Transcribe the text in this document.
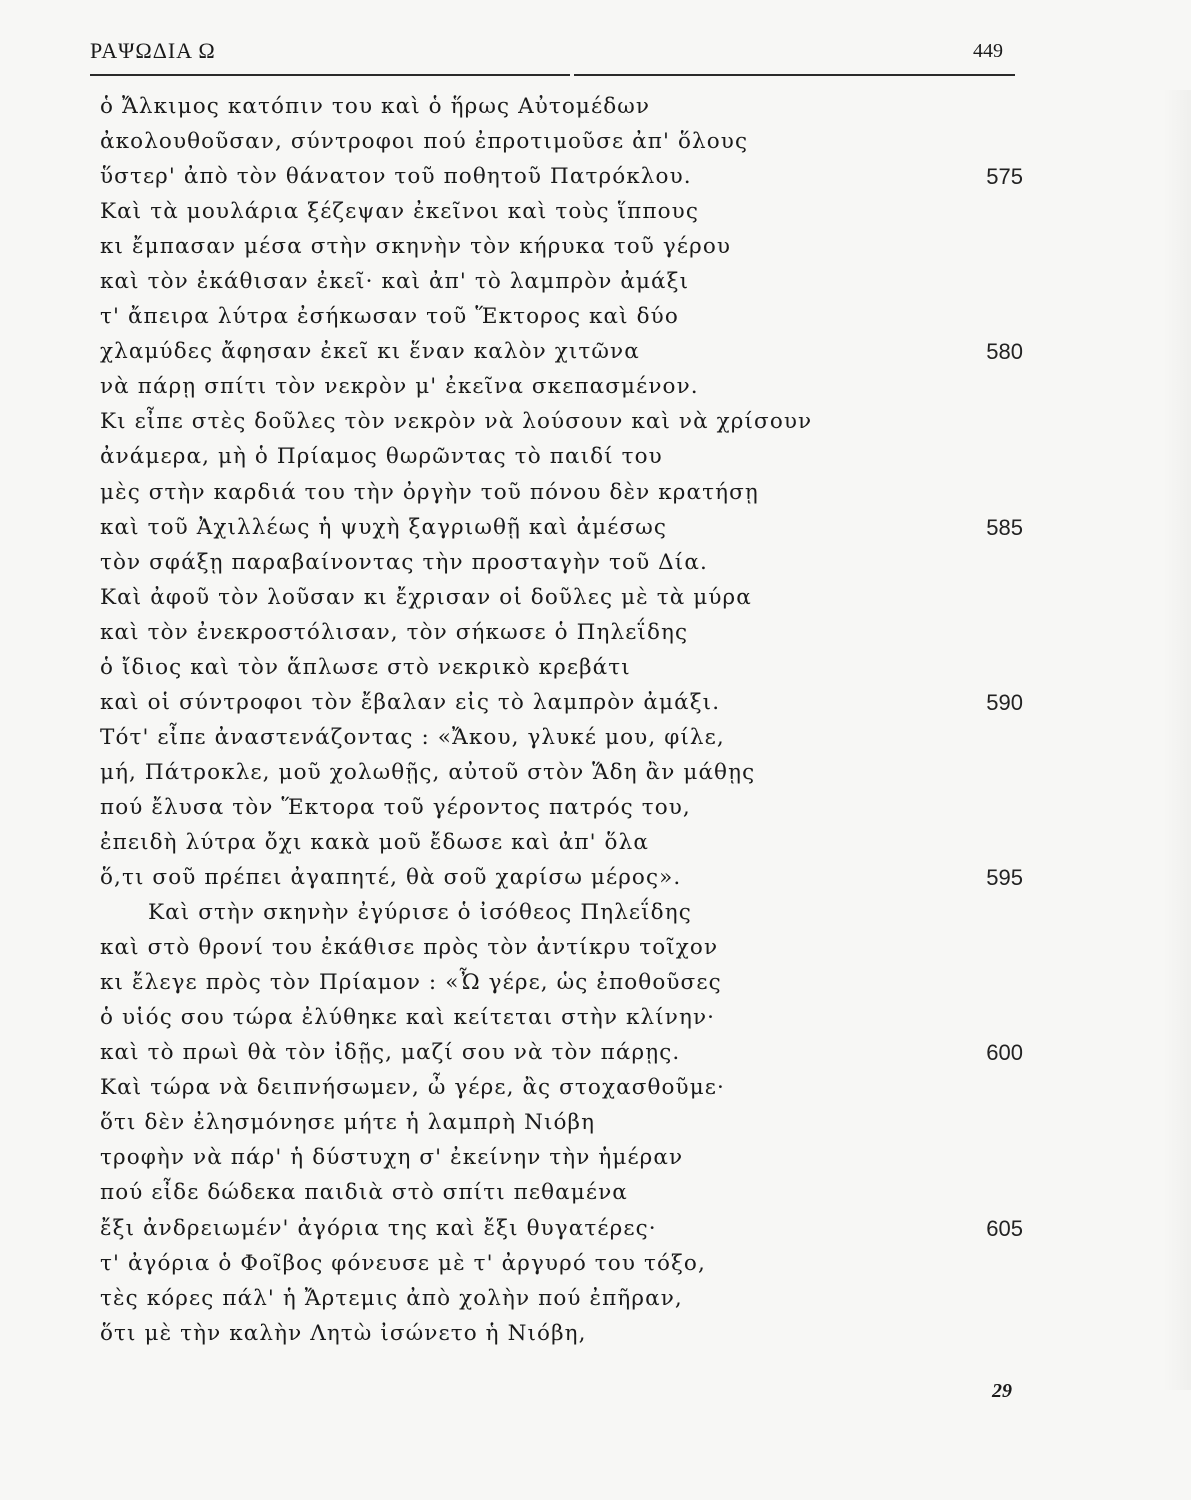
ΡΑΨΩΔΙΑ Ω	449
ὁ Ἄλκιμος κατόπιν του καὶ ὁ ἥρως Αὐτομέδων
ἀκολουθοῦσαν, σύντροφοι πού ἐπροτιμοῦσε ἀπ' ὅλους
ὕστερ' ἀπὸ τὸν θάνατον τοῦ ποθητοῦ Πατρόκλου.	575
Καὶ τὰ μουλάρια ξέζεψαν ἐκεῖνοι καὶ τοὺς ἵππους
κι ἔμπασαν μέσα στὴν σκηνὴν τὸν κήρυκα τοῦ γέρου
καὶ τὸν ἐκάθισαν ἐκεῖ· καὶ ἀπ' τὸ λαμπρὸν ἀμάξι
τ' ἄπειρα λύτρα ἐσήκωσαν τοῦ Ἕκτορος καὶ δύο
χλαμύδες ἄφησαν ἐκεῖ κι ἕναν καλὸν χιτῶνα	580
νὰ πάρῃ σπίτι τὸν νεκρὸν μ' ἐκεῖνα σκεπασμένον.
Κι εἶπε στὲς δοῦλες τὸν νεκρὸν νὰ λούσουν καὶ νὰ χρίσουν
ἀνάμερα, μὴ ὁ Πρίαμος θωρῶντας τὸ παιδί του
μὲς στὴν καρδιά του τὴν ὀργὴν τοῦ πόνου δὲν κρατήσῃ
καὶ τοῦ Ἀχιλλέως ἡ ψυχὴ ξαγριωθῇ καὶ ἀμέσως	585
τὸν σφάξῃ παραβαίνοντας τὴν προσταγὴν τοῦ Δία.
Καὶ ἀφοῦ τὸν λοῦσαν κι ἔχρισαν οἱ δοῦλες μὲ τὰ μύρα
καὶ τὸν ἐνεκροστόλισαν, τὸν σήκωσε ὁ Πηλεΐδης
ὁ ἴδιος καὶ τὸν ἅπλωσε στὸ νεκρικὸ κρεβάτι
καὶ οἱ σύντροφοι τὸν ἔβαλαν εἰς τὸ λαμπρὸν ἀμάξι.	590
Τότ' εἶπε ἀναστενάζοντας : «Ἄκου, γλυκέ μου, φίλε,
μή, Πάτροκλε, μοῦ χολωθῇς, αὐτοῦ στὸν Ἅδη ἂν μάθῃς
πού ἔλυσα τὸν Ἕκτορα τοῦ γέροντος πατρός του,
ἐπειδὴ λύτρα ὄχι κακὰ μοῦ ἔδωσε καὶ ἀπ' ὅλα
ὅ,τι σοῦ πρέπει ἀγαπητέ, θὰ σοῦ χαρίσω μέρος».	595
Καὶ στὴν σκηνὴν ἐγύρισε ὁ ἰσόθεος Πηλεΐδης
καὶ στὸ θρονί του ἐκάθισε πρὸς τὸν ἀντίκρυ τοῖχον
κι ἔλεγε πρὸς τὸν Πρίαμον : «Ὦ γέρε, ὡς ἐποθοῦσες
ὁ υἱός σου τώρα ἐλύθηκε καὶ κείτεται στὴν κλίνην·
καὶ τὸ πρωὶ θὰ τὸν ἰδῇς, μαζί σου νὰ τὸν πάρῃς.	600
Καὶ τώρα νὰ δειπνήσωμεν, ὦ γέρε, ἂς στοχασθοῦμε·
ὅτι δὲν ἐλησμόνησε μήτε ἡ λαμπρὴ Νιόβη
τροφὴν νὰ πάρ' ἡ δύστυχη σ' ἐκείνην τὴν ἡμέραν
πού εἶδε δώδεκα παιδιὰ στὸ σπίτι πεθαμένα
ἔξι ἀνδρειωμέν' ἀγόρια της καὶ ἔξι θυγατέρες·	605
τ' ἀγόρια ὁ Φοῖβος φόνευσε μὲ τ' ἀργυρό του τόξο,
τὲς κόρες πάλ' ἡ Ἄρτεμις ἀπὸ χολὴν πού ἐπῆραν,
ὅτι μὲ τὴν καλὴν Λητὼ ἰσώνετο ἡ Νιόβη,
29
